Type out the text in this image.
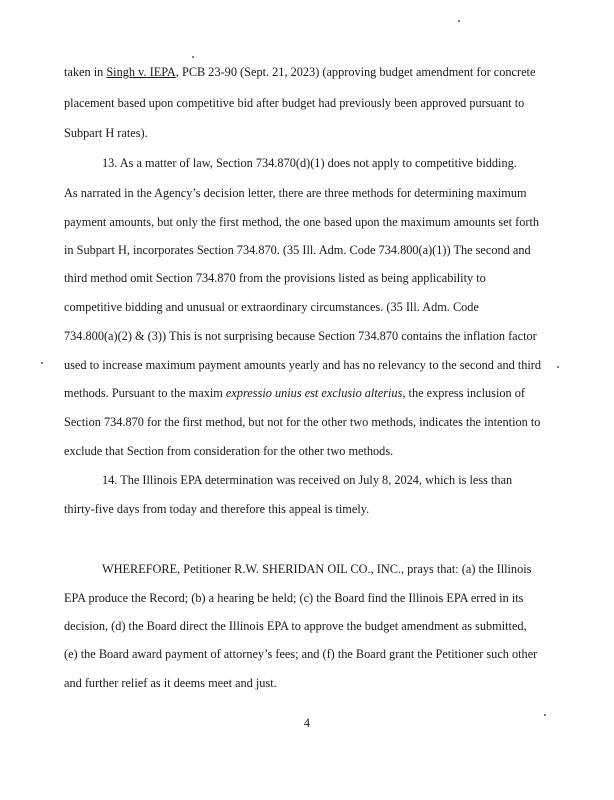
taken in Singh v. IEPA, PCB 23-90 (Sept. 21, 2023) (approving budget amendment for concrete
placement based upon competitive bid after budget had previously been approved pursuant to
Subpart H rates).
13. As a matter of law, Section 734.870(d)(1) does not apply to competitive bidding.
As narrated in the Agency’s decision letter, there are three methods for determining maximum
payment amounts, but only the first method, the one based upon the maximum amounts set forth
in Subpart H, incorporates Section 734.870. (35 Ill. Adm. Code 734.800(a)(1)) The second and
third method omit Section 734.870 from the provisions listed as being applicability to
competitive bidding and unusual or extraordinary circumstances. (35 Ill. Adm. Code
734.800(a)(2) & (3)) This is not surprising because Section 734.870 contains the inflation factor
used to increase maximum payment amounts yearly and has no relevancy to the second and third
methods. Pursuant to the maxim expressio unius est exclusio alterius, the express inclusion of
Section 734.870 for the first method, but not for the other two methods, indicates the intention to
exclude that Section from consideration for the other two methods.
14. The Illinois EPA determination was received on July 8, 2024, which is less than
thirty-five days from today and therefore this appeal is timely.
WHEREFORE, Petitioner R.W. SHERIDAN OIL CO., INC., prays that: (a) the Illinois
EPA produce the Record; (b) a hearing be held; (c) the Board find the Illinois EPA erred in its
decision, (d) the Board direct the Illinois EPA to approve the budget amendment as submitted,
(e) the Board award payment of attorney’s fees; and (f) the Board grant the Petitioner such other
and further relief as it deems meet and just.
4
